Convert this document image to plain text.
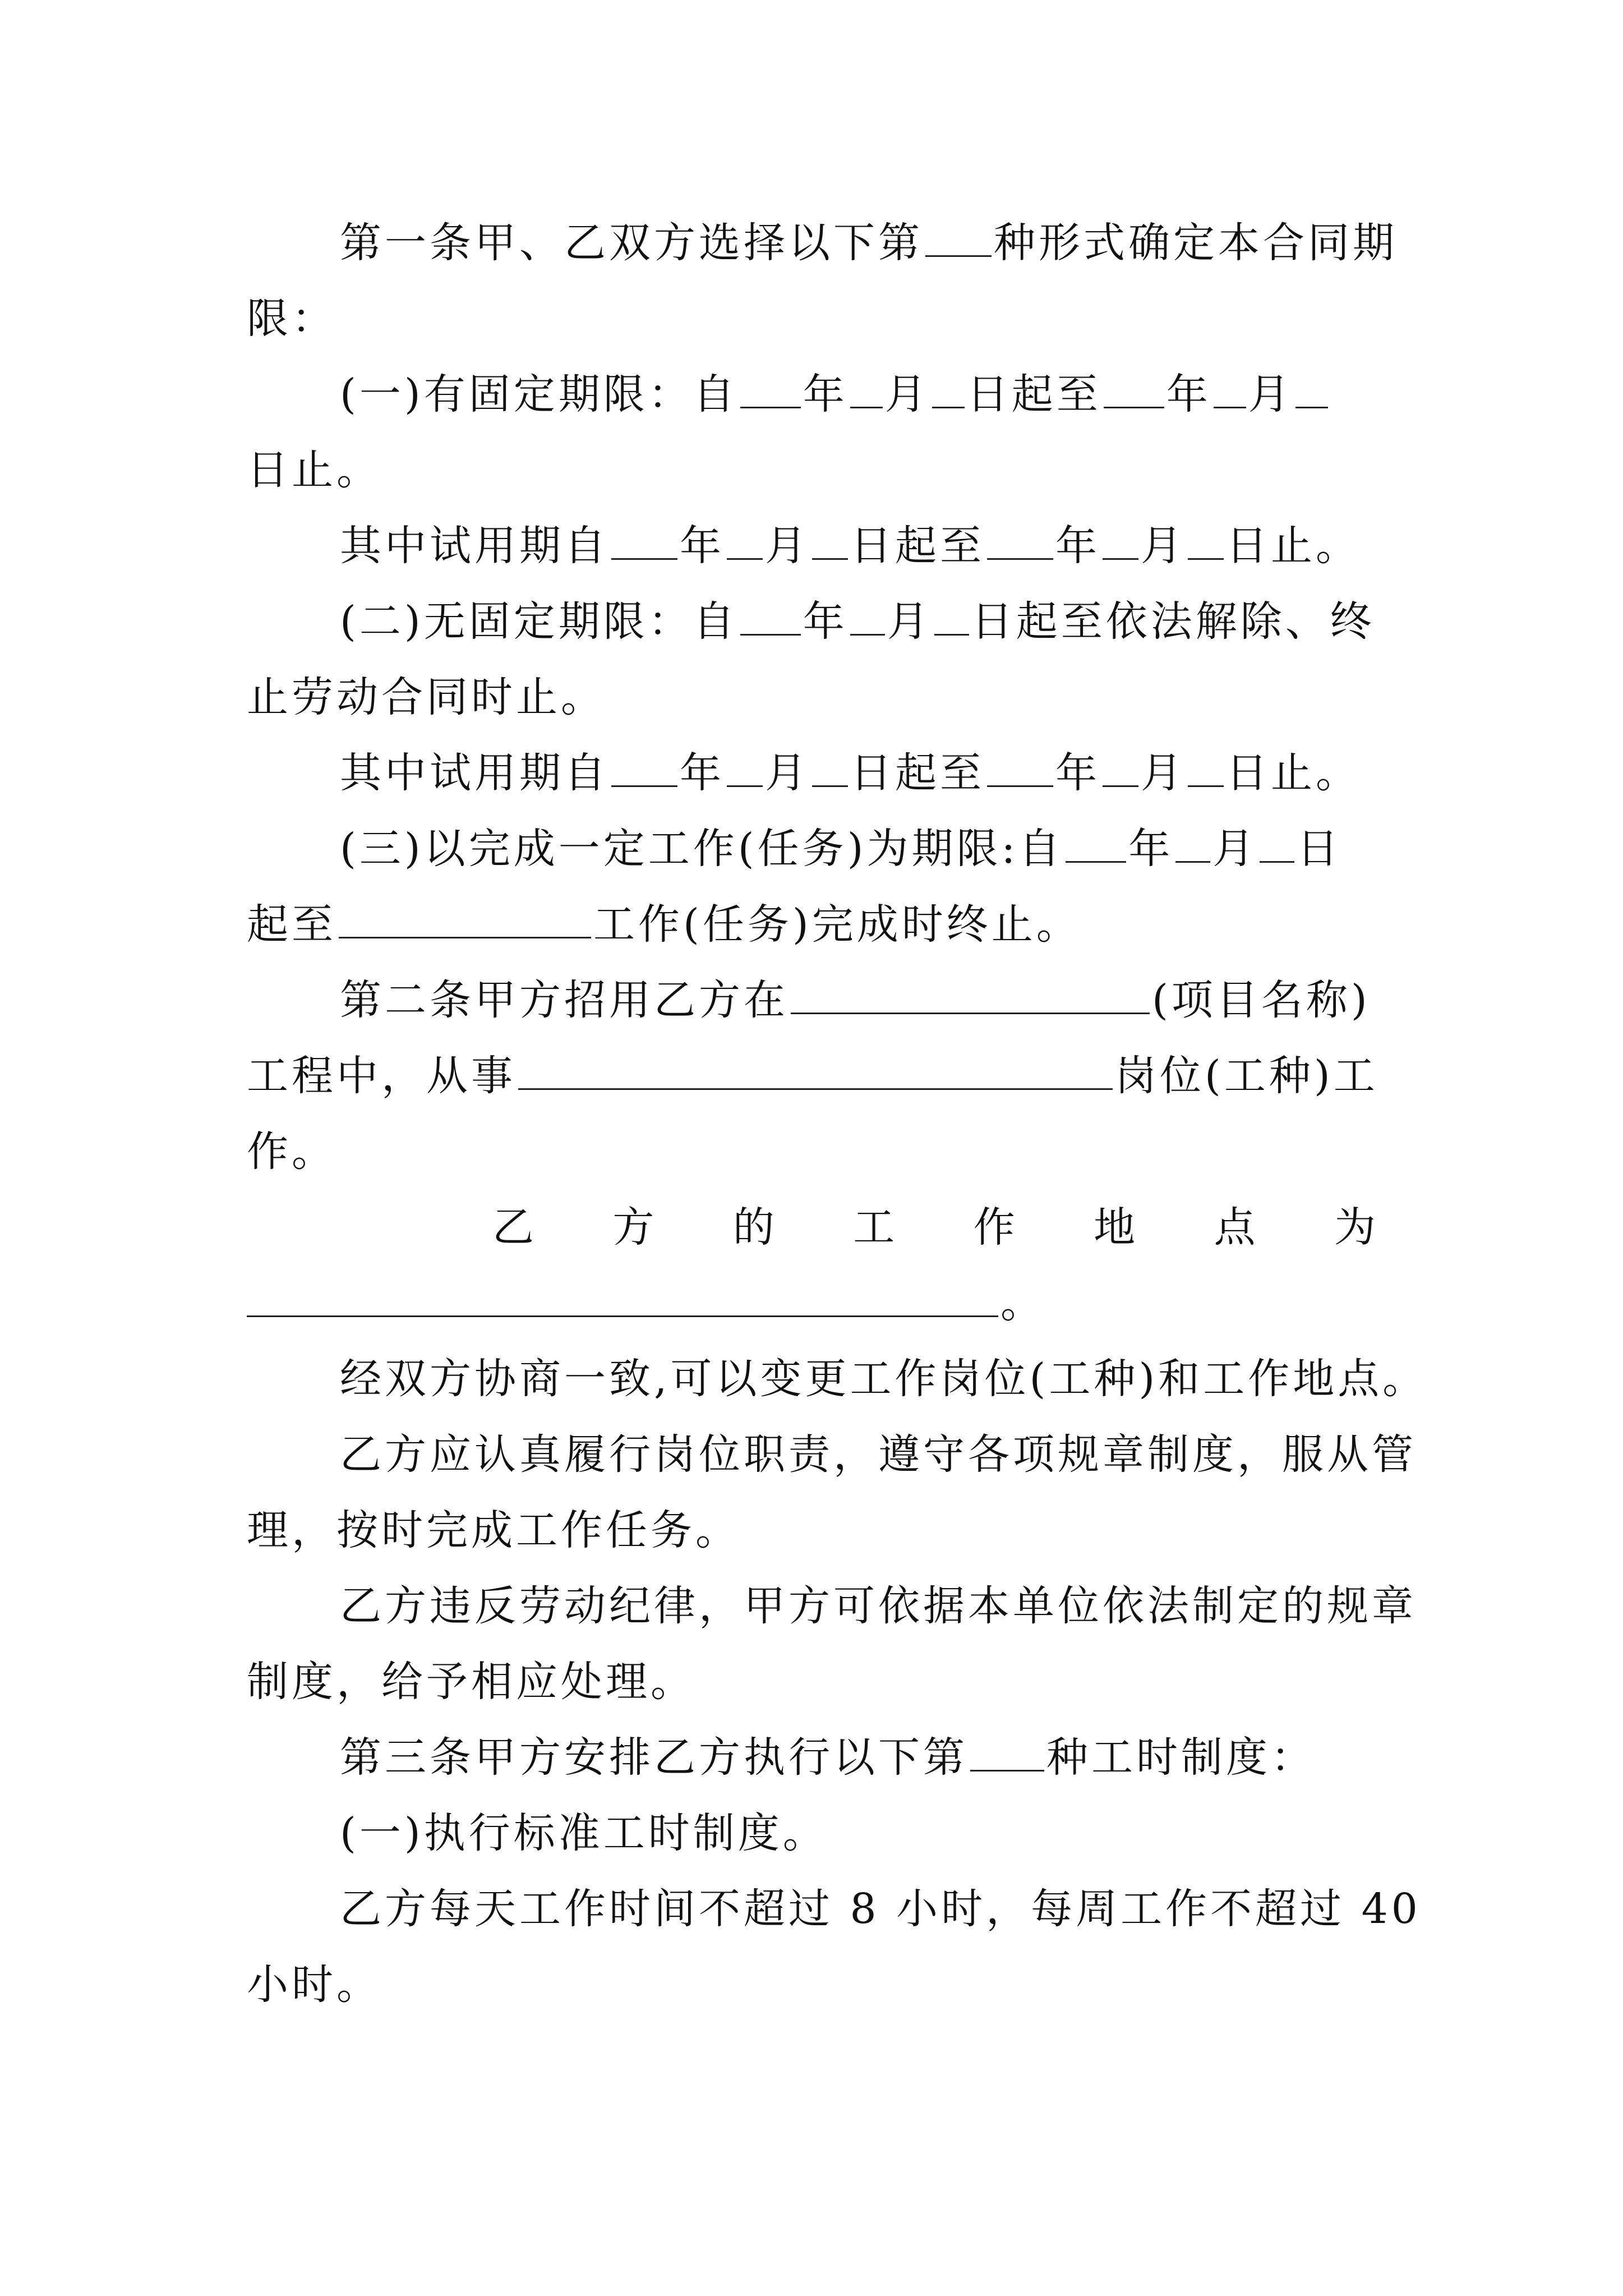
第一条甲、乙双方选择以下第 种形式确定本合同期
限：
(一)有固定期限：自 年 月 日起至 年 月
日止。
其中试用期自 年 月 日起至 年 月 日止。
(二)无固定期限：自 年 月 日起至依法解除、终
止劳动合同时止。
其中试用期自 年 月 日起至 年 月 日止。
(三)以完成一定工作(任务)为期限:自 年 月 日
起至	工作(任务)完成时终止。
第二条甲方招用乙方在	(项目名称)
工程中，从事	岗位(工种)工
作。
乙 方 的 工 作 地 点 为
。
经双方协商一致,可以变更工作岗位(工种)和工作地点。
乙方应认真履行岗位职责，遵守各项规章制度，服从管
理，按时完成工作任务。
乙方违反劳动纪律，甲方可依据本单位依法制定的规章
制度，给予相应处理。
第三条甲方安排乙方执行以下第 种工时制度：
(一)执行标准工时制度。
乙方每天工作时间不超过 8 小时，每周工作不超过 40
小时。
